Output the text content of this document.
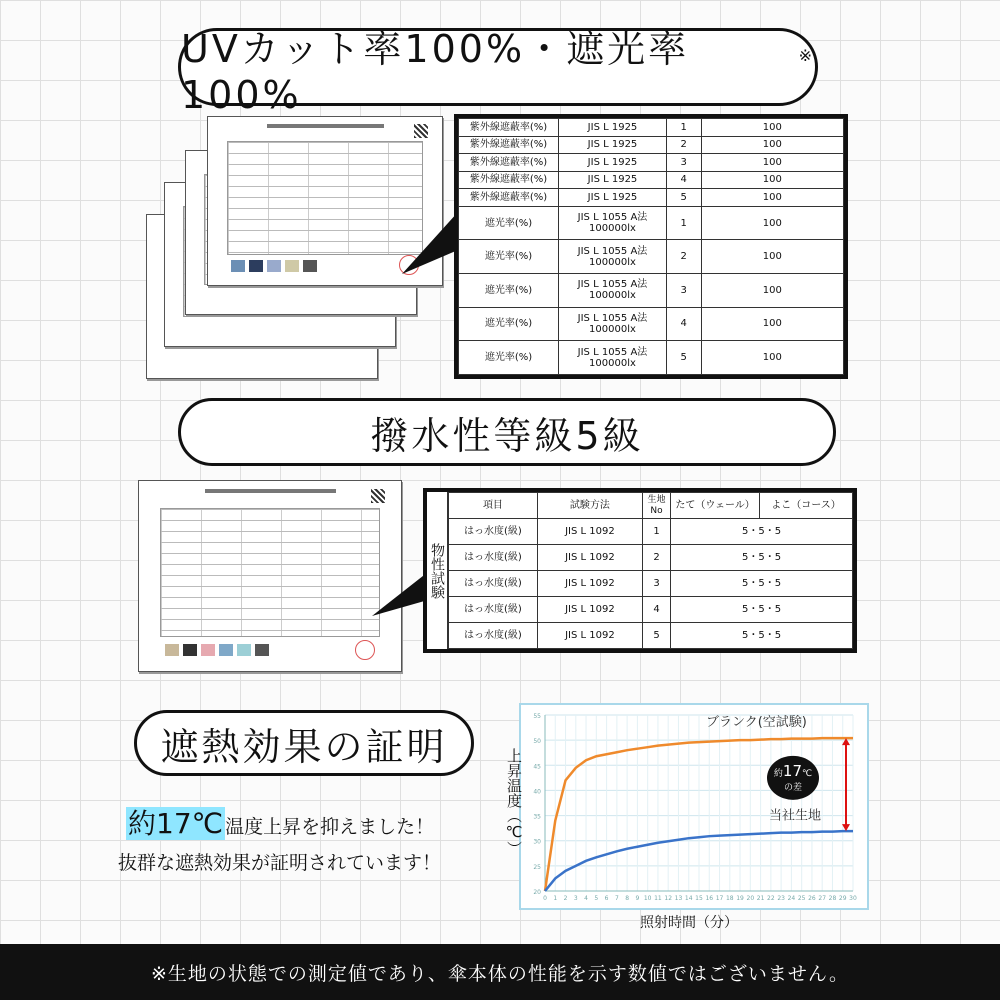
UVカット率100%・遮光率100%
※
紫外線遮蔽率(%)	JIS L 1925	1	100
紫外線遮蔽率(%)	JIS L 1925	2	100
紫外線遮蔽率(%)	JIS L 1925	3	100
紫外線遮蔽率(%)	JIS L 1925	4	100
紫外線遮蔽率(%)	JIS L 1925	5	100
遮光率(%)	JIS L 1055 A法 100000lx	1	100
遮光率(%)	JIS L 1055 A法 100000lx	2	100
遮光率(%)	JIS L 1055 A法 100000lx	3	100
遮光率(%)	JIS L 1055 A法 100000lx	4	100
遮光率(%)	JIS L 1055 A法 100000lx	5	100
撥水性等級5級
物性試験
項目	試験方法	生地No	たて（ウェール）	よこ（コース）
はっ水度(級)	JIS L 1092	1	5・5・5	
はっ水度(級)	JIS L 1092	2	5・5・5	
はっ水度(級)	JIS L 1092	3	5・5・5	
はっ水度(級)	JIS L 1092	4	5・5・5	
はっ水度(級)	JIS L 1092	5	5・5・5	
遮熱効果の証明
約17℃ 温度上昇を抑えました！
抜群な遮熱効果が証明されています！
20
25
30
35
40
45
50
55
0 1 2 3 4 5 6 7 8 9 10 11 12 13 14 15 16 17 18 19 20 21 22 23 24 25 26 27 28 29 30
ブランク(空試験)
当社生地
約17℃
の差
上昇温度（℃）
照射時間（分）
※生地の状態での測定値であり、傘本体の性能を示す数値ではございません。
